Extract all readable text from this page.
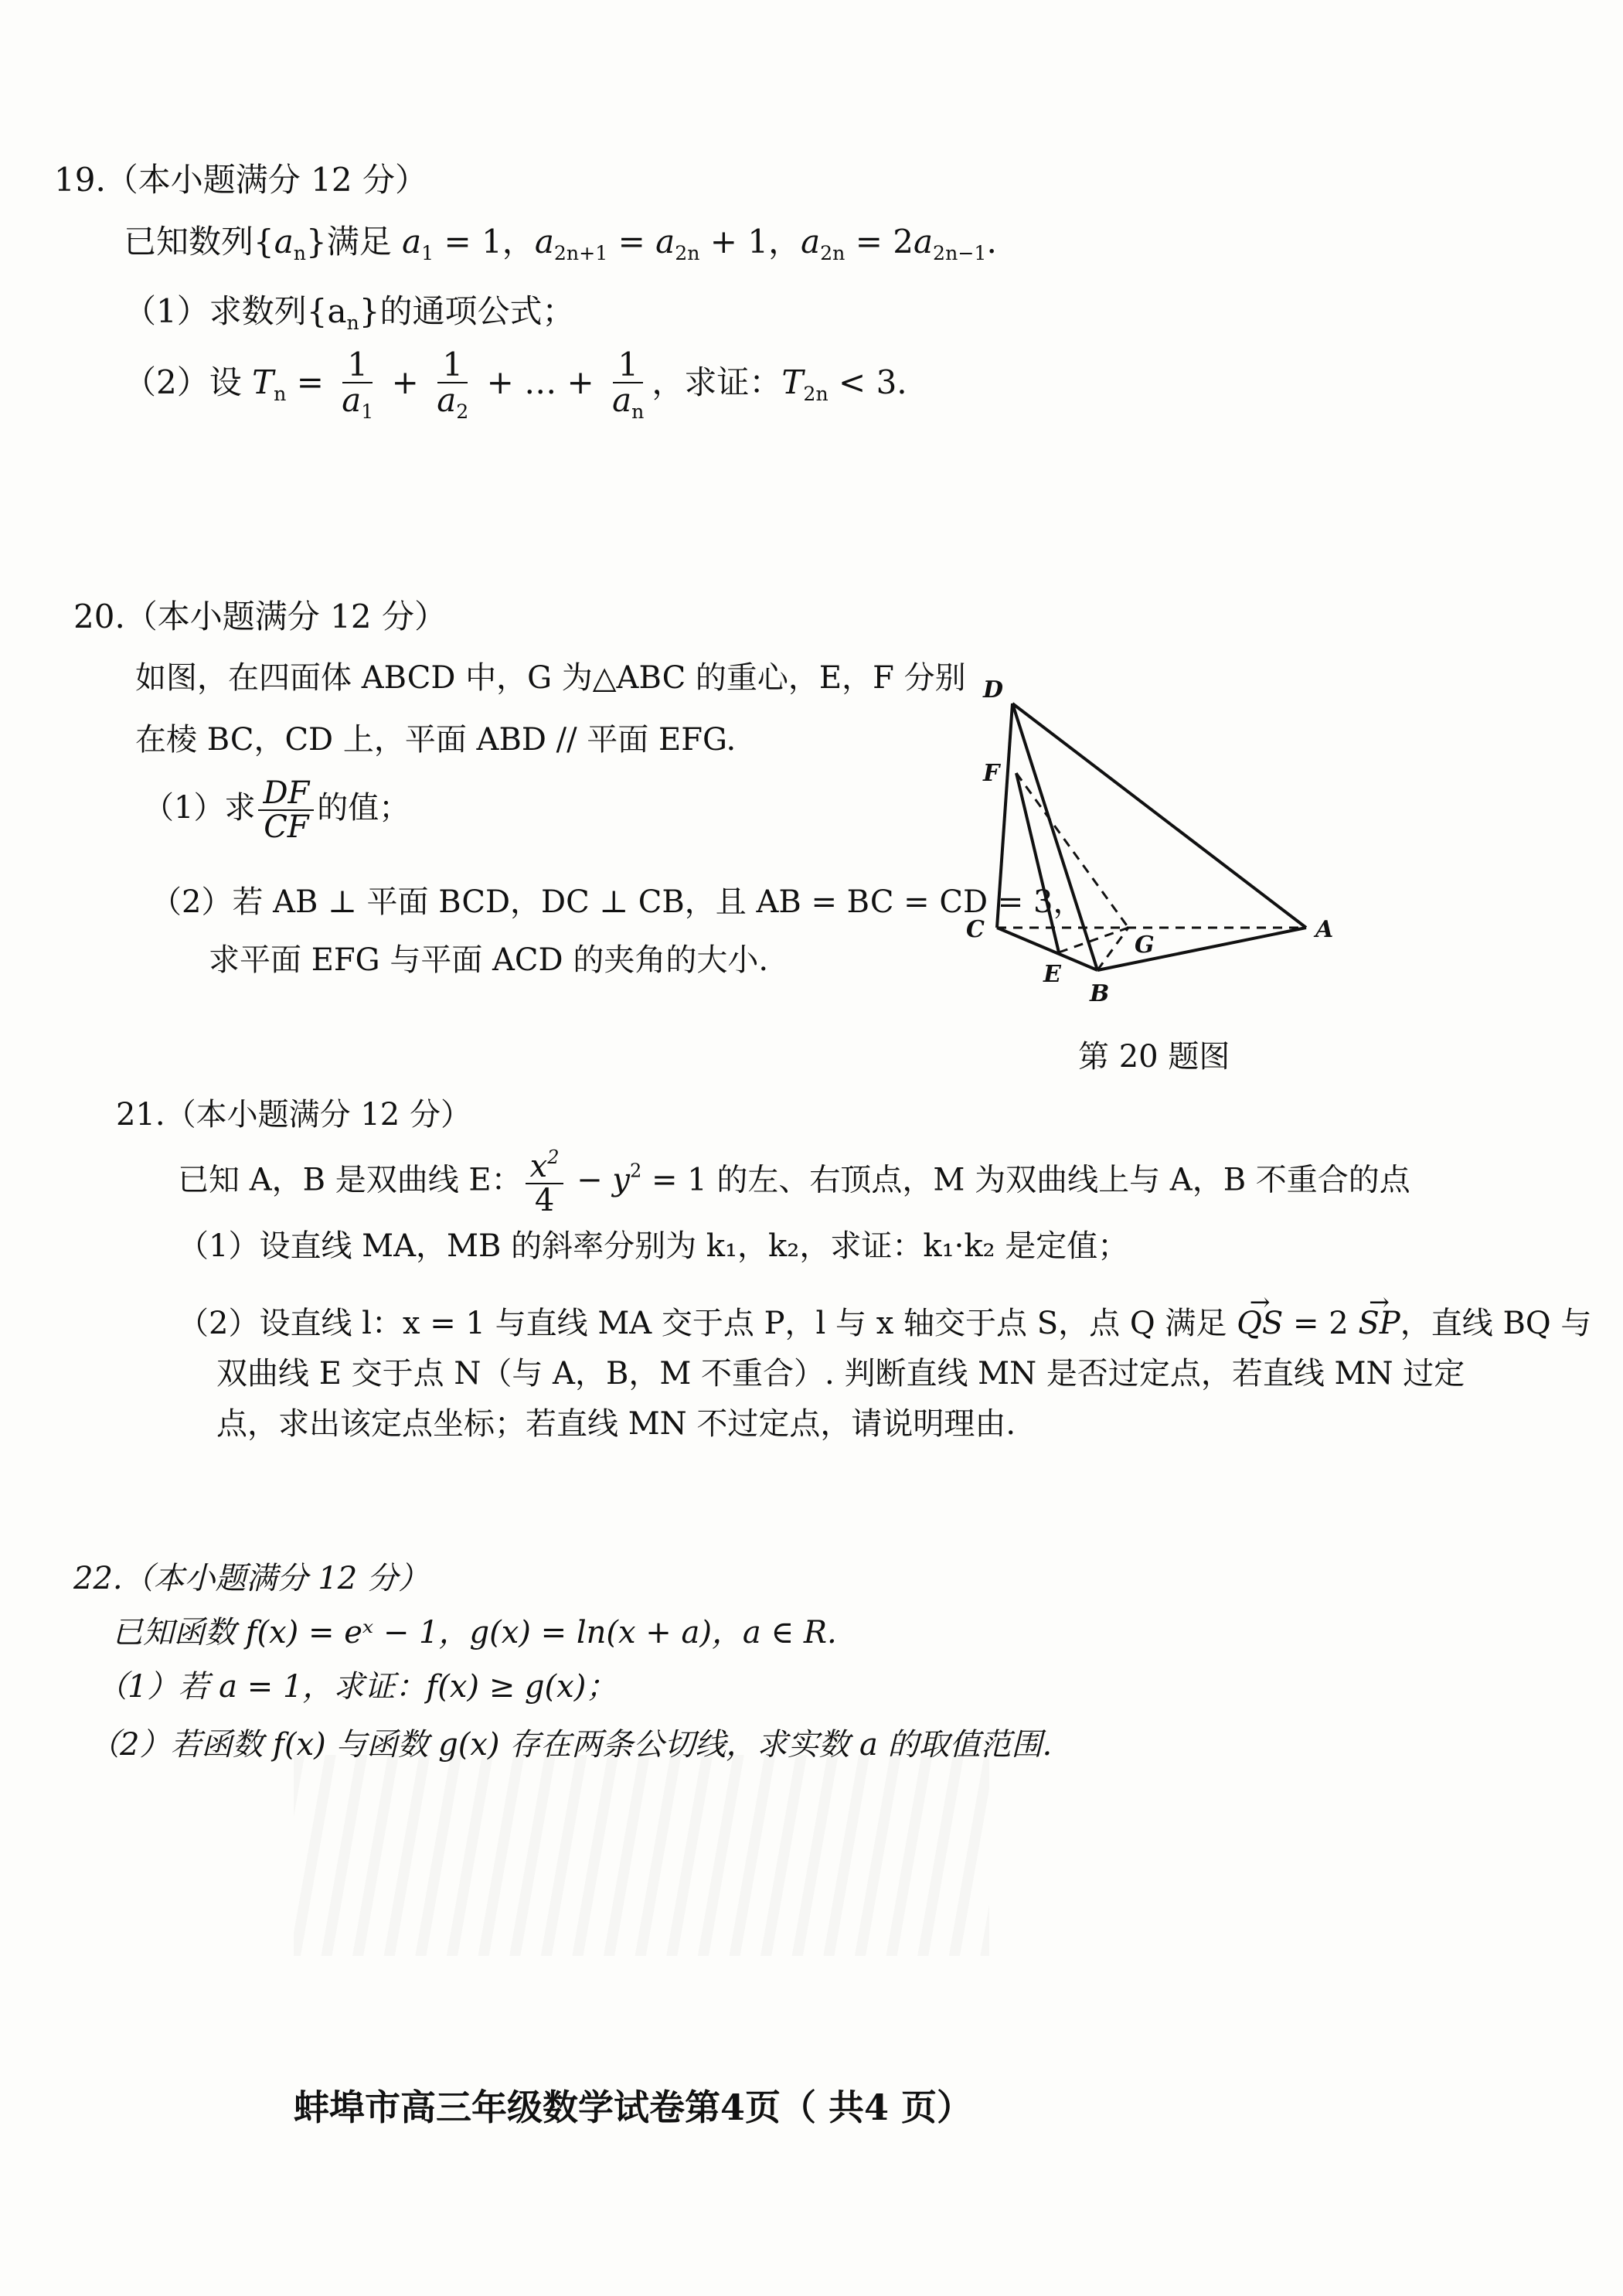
19.（本小题满分 12 分）
已知数列$\{a_n\}$满足 $a_1 = 1$，$a_{2n+1} = a_{2n} + 1$，$a_{2n} = 2a_{2n-1}$.
（1）求数列$\{a_n\}$的通项公式；
（2）设 $T_n = \frac{1}{a_1} + \frac{1}{a_2}$ + … + $\frac{1}{a_n}$ ，求证：$T_{2n} < 3$.
20.（本小题满分 12 分）
如图，在四面体 ABCD 中，G 为△ABC 的重心，E，F 分别
在棱 BC，CD 上，平面 ABD // 平面 EFG.
（1）求 $\frac{DF}{CF}$ 的值；
（2）若 AB ⊥ 平面 BCD，DC ⊥ CB，且 AB = BC = CD = 3，
求平面 EFG 与平面 ACD 的夹角的大小.
D
F
C
G
A
E
B
第 20 题图
21.（本小题满分 12 分）
已知 A，B 是双曲线 E： $\frac{x^2}{4} - y^2 = 1$ 的左、右顶点，M 为双曲线上与 A，B 不重合的点
（1）设直线 MA，MB 的斜率分别为 k₁，k₂，求证：k₁·k₂ 是定值；
（2）设直线 l：x = 1 与直线 MA 交于点 P，l 与 x 轴交于点 S，点 Q 满足 → QS = 2 → SP，直线 BQ 与
双曲线 E 交于点 N（与 A，B，M 不重合）. 判断直线 MN 是否过定点，若直线 MN 过定
点，求出该定点坐标；若直线 MN 不过定点，请说明理由.
22.（本小题满分 12 分）
已知函数 f(x) = eˣ − 1，g(x) = ln(x + a)，a ∈ R.
（1）若 a = 1，求证：f(x) ≥ g(x)；
（2）若函数 f(x) 与函数 g(x) 存在两条公切线，求实数 a 的取值范围.
蚌埠市高三年级数学试卷第4页（ 共4 页）
